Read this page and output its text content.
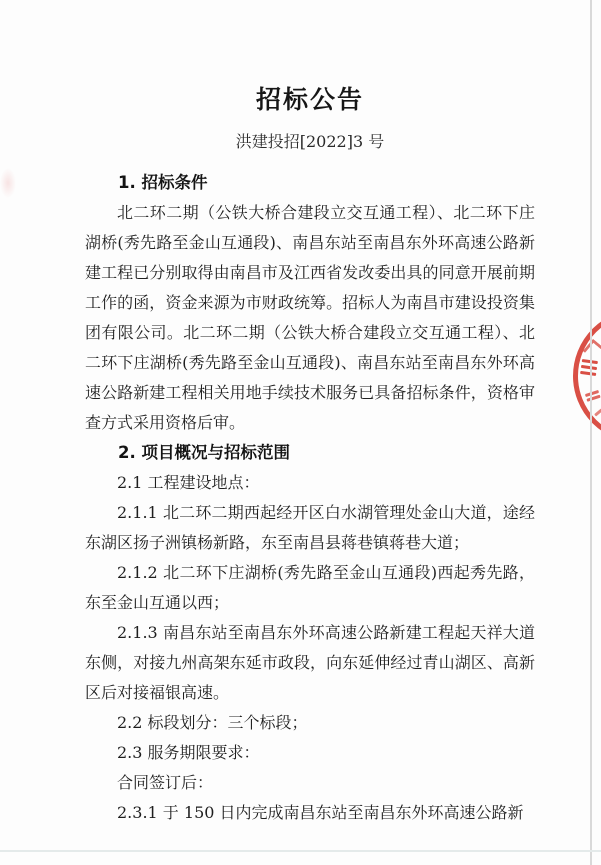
招标公告
洪建投招[2022]3 号

1. 招标条件

北二环二期（公铁大桥合建段立交互通工程）、北二环下庄湖桥(秀先路至金山互通段)、南昌东站至南昌东外环高速公路新建工程已分别取得由南昌市及江西省发改委出具的同意开展前期工作的函，资金来源为市财政统筹。招标人为南昌市建设投资集团有限公司。北二环二期（公铁大桥合建段立交互通工程）、北二环下庄湖桥(秀先路至金山互通段)、南昌东站至南昌东外环高速公路新建工程相关用地手续技术服务已具备招标条件，资格审查方式采用资格后审。

2. 项目概况与招标范围

2.1 工程建设地点：

2.1.1 北二环二期西起经开区白水湖管理处金山大道，途经东湖区扬子洲镇杨新路，东至南昌县蒋巷镇蒋巷大道；

2.1.2 北二环下庄湖桥(秀先路至金山互通段)西起秀先路，东至金山互通以西；

2.1.3 南昌东站至南昌东外环高速公路新建工程起天祥大道东侧，对接九州高架东延市政段，向东延伸经过青山湖区、高新区后对接福银高速。

2.2 标段划分：三个标段；

2.3 服务期限要求：

合同签订后：

2.3.1 于 150 日内完成南昌东站至南昌东外环高速公路新
